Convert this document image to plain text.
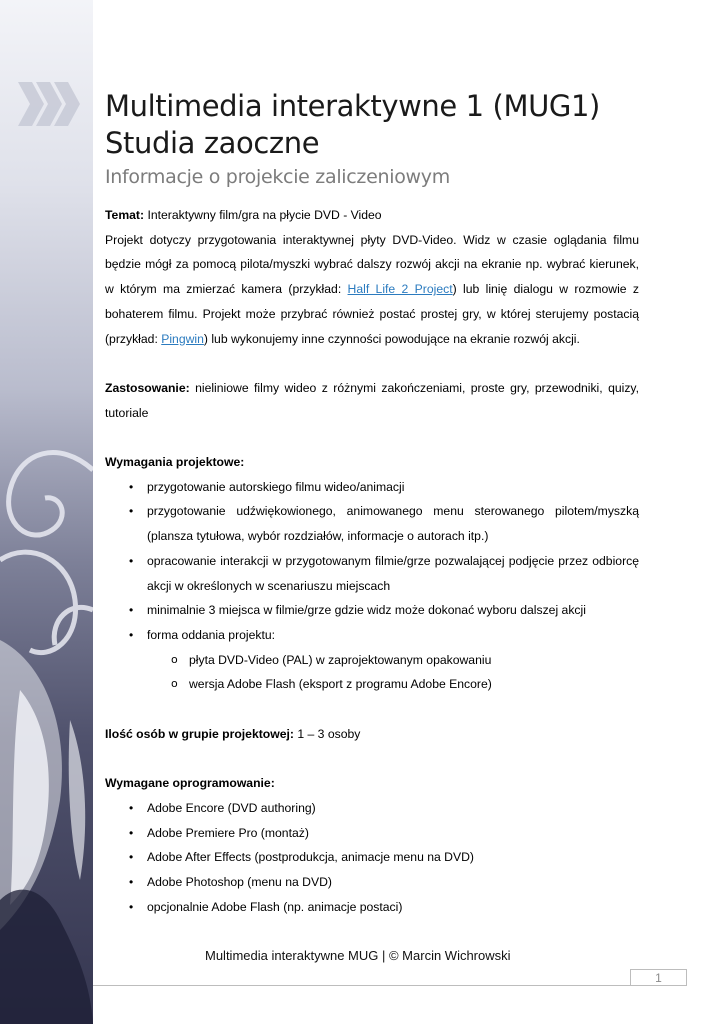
Multimedia interaktywne 1 (MUG1)
Studia zaoczne
Informacje o projekcie zaliczeniowym
Temat: Interaktywny film/gra na płycie DVD - Video
Projekt dotyczy przygotowania interaktywnej płyty DVD-Video. Widz w czasie oglądania filmu będzie mógł za pomocą pilota/myszki wybrać dalszy rozwój akcji na ekranie np. wybrać kierunek, w którym ma zmierzać kamera (przykład: Half Life 2 Project) lub linię dialogu w rozmowie z bohaterem filmu. Projekt może przybrać również postać prostej gry, w której sterujemy postacią (przykład: Pingwin) lub wykonujemy inne czynności powodujące na ekranie rozwój akcji.
Zastosowanie: nieliniowe filmy wideo z różnymi zakończeniami, proste gry, przewodniki, quizy, tutoriale
Wymagania projektowe:
• przygotowanie autorskiego filmu wideo/animacji
• przygotowanie udźwiękowionego, animowanego menu sterowanego pilotem/myszką (plansza tytułowa, wybór rozdziałów, informacje o autorach itp.)
• opracowanie interakcji w przygotowanym filmie/grze pozwalającej podjęcie przez odbiorcę akcji w określonych w scenariuszu miejscach
• minimalnie 3 miejsca w filmie/grze gdzie widz może dokonać wyboru dalszej akcji
• forma oddania projektu:
o płyta DVD-Video (PAL) w zaprojektowanym opakowaniu
o wersja Adobe Flash (eksport z programu Adobe Encore)
Ilość osób w grupie projektowej: 1 – 3 osoby
Wymagane oprogramowanie:
• Adobe Encore (DVD authoring)
• Adobe Premiere Pro (montaż)
• Adobe After Effects (postprodukcja, animacje menu na DVD)
• Adobe Photoshop (menu na DVD)
• opcjonalnie Adobe Flash (np. animacje postaci)
Multimedia interaktywne MUG | © Marcin Wichrowski
1
